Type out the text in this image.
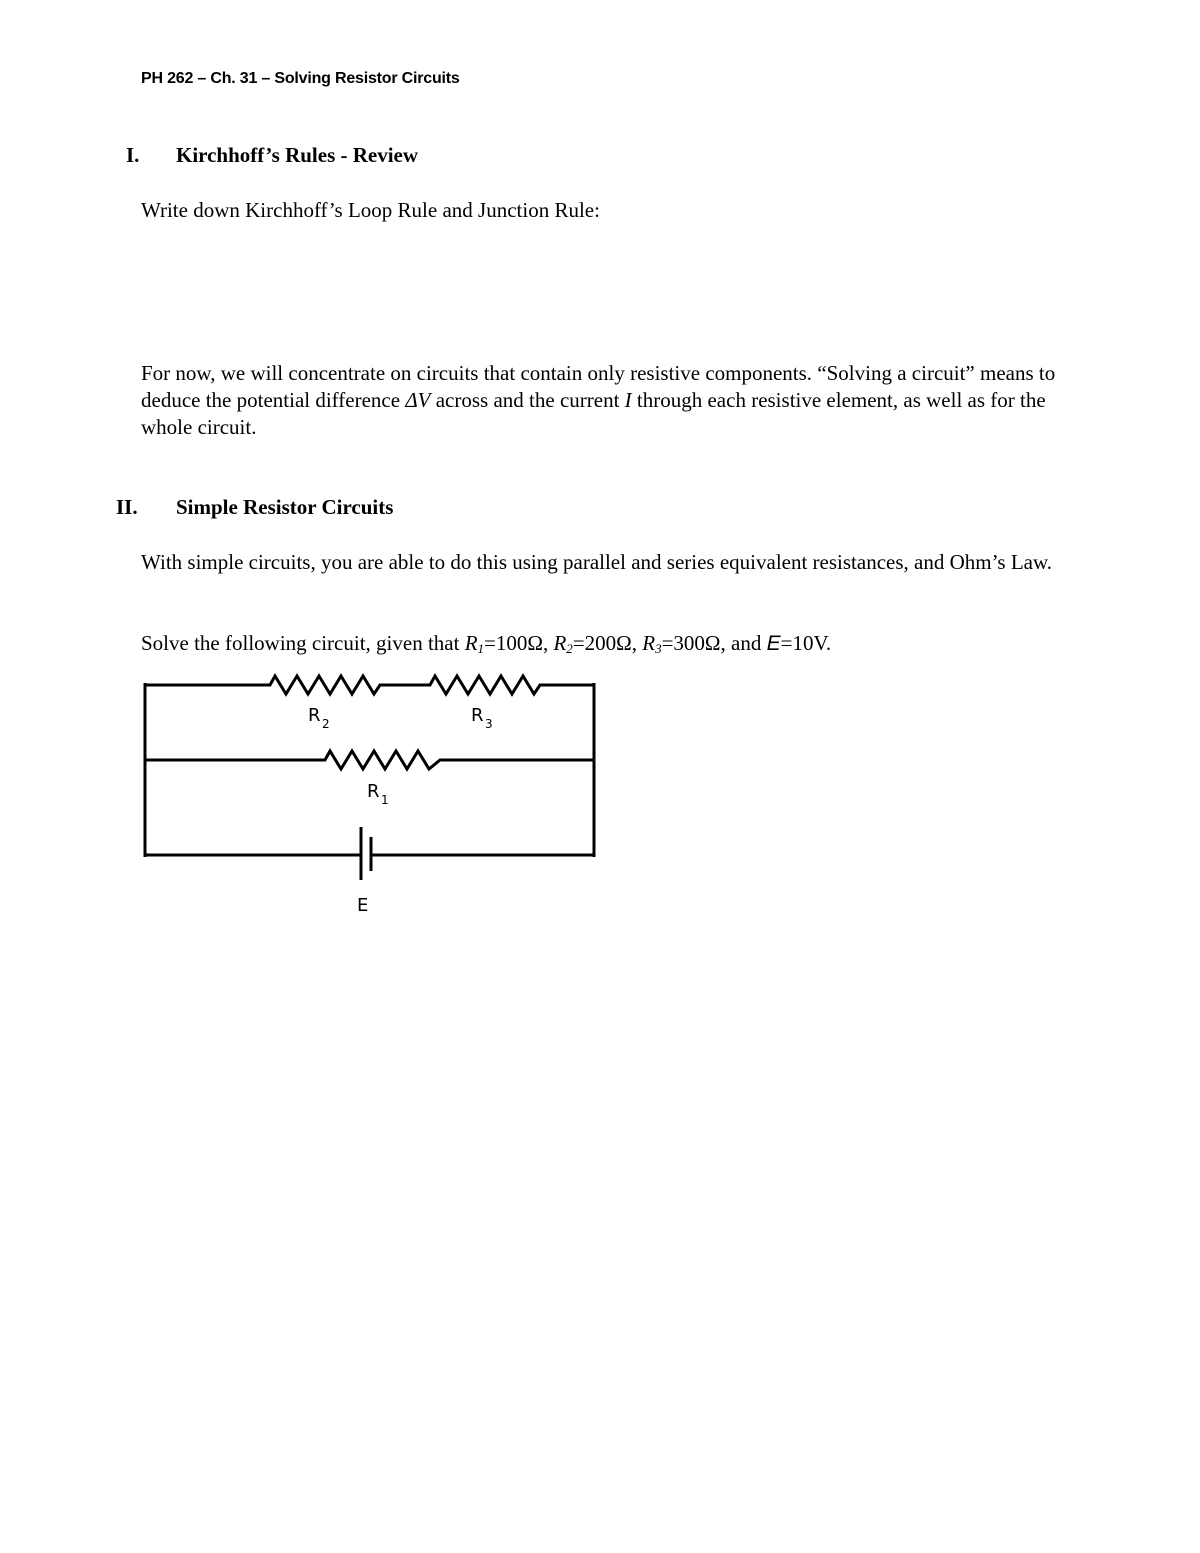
PH 262 – Ch. 31 – Solving Resistor Circuits
I. Kirchhoff’s Rules - Review
Write down Kirchhoff’s Loop Rule and Junction Rule:

For now, we will concentrate on circuits that contain only resistive components. “Solving a circuit” means to deduce the potential difference ΔV across and the current I through each resistive element, as well as for the whole circuit.

II. Simple Resistor Circuits

With simple circuits, you are able to do this using parallel and series equivalent resistances, and Ohm’s Law.

Solve the following circuit, given that $R_1=100\Omega$, $R_2=200\Omega$, $R_3=300\Omega$, and E=10V.

R 2	R 3
R 1
E
